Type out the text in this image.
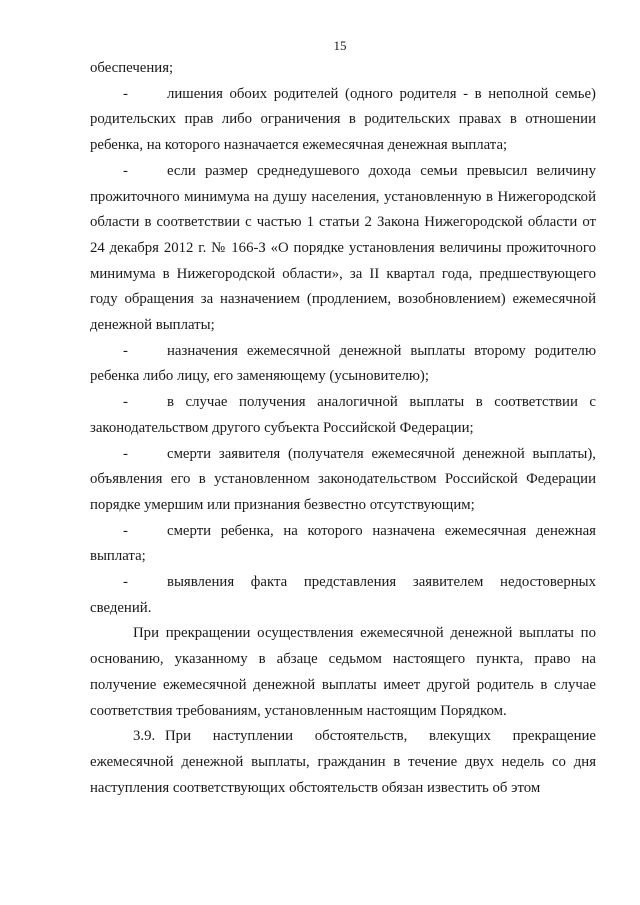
15

обеспечения;

-	лишения обоих родителей (одного родителя - в неполной семье) родительских прав либо ограничения в родительских правах в отношении ребенка, на которого назначается ежемесячная денежная выплата;

-	если размер среднедушевого дохода семьи превысил величину прожиточного минимума на душу населения, установленную в Нижегородской области в соответствии с частью 1 статьи 2 Закона Нижегородской области от 24 декабря 2012 г. № 166-З «О порядке установления величины прожиточного минимума в Нижегородской области», за II квартал года, предшествующего году обращения за назначением (продлением, возобновлением) ежемесячной денежной выплаты;

-	назначения ежемесячной денежной выплаты второму родителю ребенка либо лицу, его заменяющему (усыновителю);

-	в случае получения аналогичной выплаты в соответствии с законодательством другого субъекта Российской Федерации;

-	смерти заявителя (получателя ежемесячной денежной выплаты), объявления его в установленном законодательством Российской Федерации порядке умершим или признания безвестно отсутствующим;

-	смерти ребенка, на которого назначена ежемесячная денежная выплата;

-	выявления факта представления заявителем недостоверных сведений.

При прекращении осуществления ежемесячной денежной выплаты по основанию, указанному в абзаце седьмом настоящего пункта, право на получение ежемесячной денежной выплаты имеет другой родитель в случае соответствия требованиям, установленным настоящим Порядком.

3.9. При наступлении обстоятельств, влекущих прекращение ежемесячной денежной выплаты, гражданин в течение двух недель со дня наступления соответствующих обстоятельств обязан известить об этом
